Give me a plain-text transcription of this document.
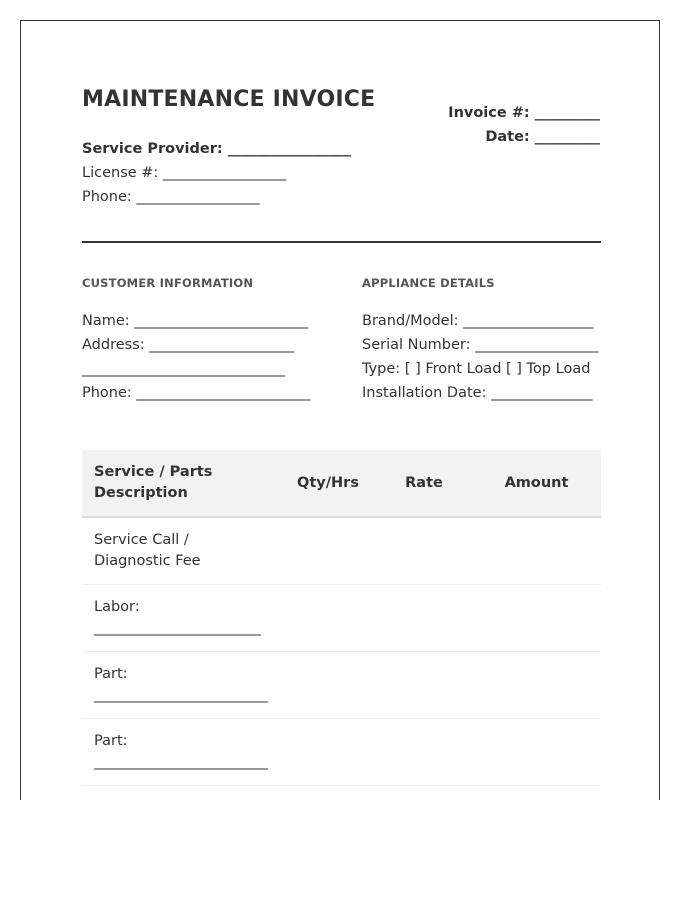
MAINTENANCE INVOICE
Service Provider: _________________
License #: _________________
Phone: _________________
Invoice #: _________
Date: _________
CUSTOMER INFORMATION
Name: ________________________
Address: ____________________
____________________________
Phone: ________________________
APPLIANCE DETAILS
Brand/Model: __________________
Serial Number: _________________
Type: [ ] Front Load [ ] Top Load
Installation Date: ______________
Service / Parts Description	Qty/Hrs	Rate	Amount
Service Call / Diagnostic Fee			
Labor: _______________________			
Part: ________________________			
Part: ________________________			
